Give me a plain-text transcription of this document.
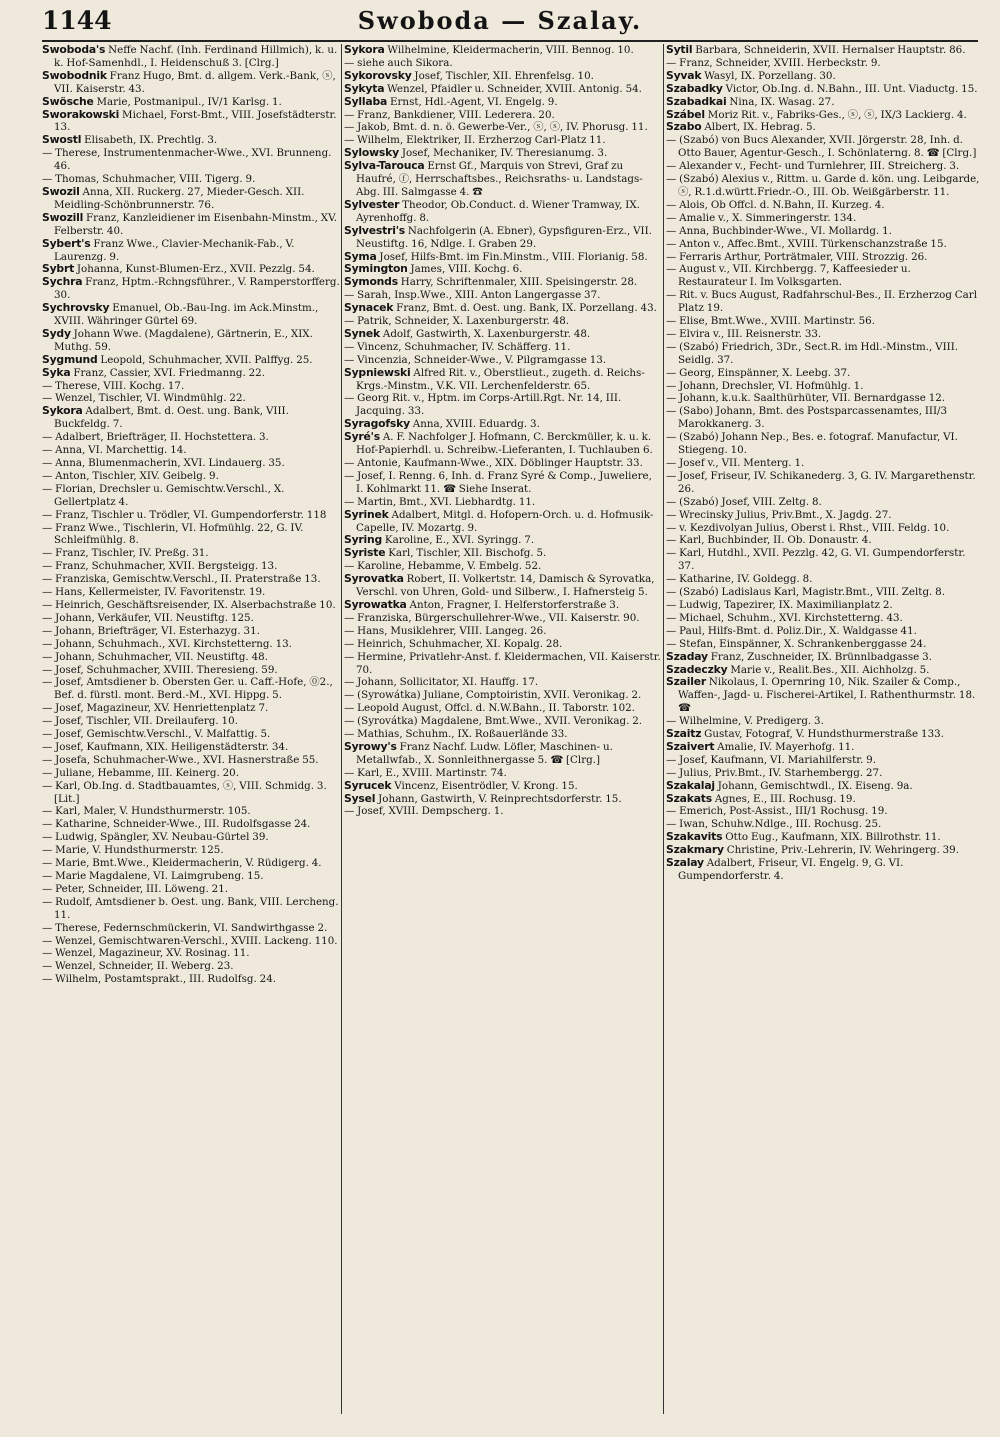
1144	Swoboda — Szalay.
Swoboda's Neffe Nachf. (Inh. Ferdinand Hillmich), k. u. k. Hof-Samenhdl., I. Heidenschuß 3. [Clrg.]
Swobodnik Franz Hugo, Bmt. d. allgem. Verk.-Bank, ⓢ, VII. Kaiserstr. 43.
Swösche Marie, Postmanipul., IV/1 Karlsg. 1.
Sworakowski Michael, Forst-Bmt., VIII. Josefstädterstr. 13.
Swostl Elisabeth, IX. Prechtlg. 3.
— Therese, Instrumentenmacher-Wwe., XVI. Brunneng. 46.
— Thomas, Schuhmacher, VIII. Tigerg. 9.
Swozil Anna, XII. Ruckerg. 27, Mieder-Gesch. XII. Meidling-Schönbrunnerstr. 76.
Swozill Franz, Kanzleidiener im Eisenbahn-Minstm., XV. Felberstr. 40.
Sybert's Franz Wwe., Clavier-Mechanik-Fab., V. Laurenzg. 9.
Sybrt Johanna, Kunst-Blumen-Erz., XVII. Pezzlg. 54.
Sychra Franz, Hptm.-Rchngsführer., V. Ramperstorfferg. 30.
Sychrovsky Emanuel, Ob.-Bau-Ing. im Ack.Minstm., XVIII. Währinger Gürtel 69.
Sydy Johann Wwe. (Magdalene), Gärtnerin, E., XIX. Muthg. 59.
Sygmund Leopold, Schuhmacher, XVII. Palffyg. 25.
Syka Franz, Cassier, XVI. Friedmanng. 22.
— Therese, VIII. Kochg. 17.
— Wenzel, Tischler, VI. Windmühlg. 22.
Sykora Adalbert, Bmt. d. Oest. ung. Bank, VIII. Buckfeldg. 7.
— Adalbert, Briefträger, II. Hochstettera. 3.
— Anna, VI. Marchettig. 14.
— Anna, Blumenmacherin, XVI. Lindauerg. 35.
— Anton, Tischler, XIV. Geibelg. 9.
— Florian, Drechsler u. Gemischtw.Verschl., X. Gellertplatz 4.
— Franz, Tischler u. Trödler, VI. Gumpendorferstr. 118
— Franz Wwe., Tischlerin, VI. Hofmühlg. 22, G. IV. Schleifmühlg. 8.
— Franz, Tischler, IV. Preßg. 31.
— Franz, Schuhmacher, XVII. Bergsteigg. 13.
— Franziska, Gemischtw.Verschl., II. Praterstraße 13.
— Hans, Kellermeister, IV. Favoritenstr. 19.
— Heinrich, Geschäftsreisender, IX. Alserbachstraße 10.
— Johann, Verkäufer, VII. Neustiftg. 125.
— Johann, Briefträger, VI. Esterhazyg. 31.
— Johann, Schuhmach., XVI. Kirchstetterng. 13.
— Johann, Schuhmacher, VII. Neustiftg. 48.
— Josef, Schuhmacher, XVIII. Theresieng. 59.
— Josef, Amtsdiener b. Obersten Ger. u. Caff.-Hofe, ⓪2., Bef. d. fürstl. mont. Berd.-M., XVI. Hippg. 5.
— Josef, Magazineur, XV. Henriettenplatz 7.
— Josef, Tischler, VII. Dreilauferg. 10.
— Josef, Gemischtw.Verschl., V. Malfattig. 5.
— Josef, Kaufmann, XIX. Heiligenstädterstr. 34.
— Josefa, Schuhmacher-Wwe., XVI. Hasnerstraße 55.
— Juliane, Hebamme, III. Keinerg. 20.
— Karl, Ob.Ing. d. Stadtbauamtes, ⓢ, VIII. Schmidg. 3. [Lit.]
— Karl, Maler, V. Hundsthurmerstr. 105.
— Katharine, Schneider-Wwe., III. Rudolfsgasse 24.
— Ludwig, Spängler, XV. Neubau-Gürtel 39.
— Marie, V. Hundsthurmerstr. 125.
— Marie, Bmt.Wwe., Kleidermacherin, V. Rüdigerg. 4.
— Marie Magdalene, VI. Laimgrubeng. 15.
— Peter, Schneider, III. Löweng. 21.
— Rudolf, Amtsdiener b. Oest. ung. Bank, VIII. Lercheng. 11.
— Therese, Federnschmückerin, VI. Sandwirthgasse 2.
— Wenzel, Gemischtwaren-Verschl., XVIII. Lackeng. 110.
— Wenzel, Magazineur, XV. Rosinag. 11.
— Wenzel, Schneider, II. Weberg. 23.
— Wilhelm, Postamtsprakt., III. Rudolfsg. 24.
Sykora Wilhelmine, Kleidermacherin, VIII. Bennog. 10.
— siehe auch Sikora.
Sykorovsky Josef, Tischler, XII. Ehrenfelsg. 10.
Sykyta Wenzel, Pfaidler u. Schneider, XVIII. Antonig. 54.
Syllaba Ernst, Hdl.-Agent, VI. Engelg. 9.
— Franz, Bankdiener, VIII. Lederera. 20.
— Jakob, Bmt. d. n. ö. Gewerbe-Ver., ⓢ, ⓢ, IV. Phorusg. 11.
— Wilhelm, Elektriker, II. Erzherzog Carl-Platz 11.
Sylowsky Josef, Mechaniker, IV. Theresianumg. 3.
Sylva-Tarouca Ernst Gf., Marquis von Strevi, Graf zu Haufré, ⓕ, Herrschaftsbes., Reichsraths- u. Landstags-Abg. III. Salmgasse 4. ☎
Sylvester Theodor, Ob.Conduct. d. Wiener Tramway, IX. Ayrenhoffg. 8.
Sylvestri's Nachfolgerin (A. Ebner), Gypsfiguren-Erz., VII. Neustiftg. 16, Ndlge. I. Graben 29.
Syma Josef, Hilfs-Bmt. im Fin.Minstm., VIII. Florianig. 58.
Symington James, VIII. Kochg. 6.
Symonds Harry, Schriftenmaler, XIII. Speisingerstr. 28.
— Sarah, Insp.Wwe., XIII. Anton Langergasse 37.
Synacek Franz, Bmt. d. Oest. ung. Bank, IX. Porzellang. 43.
— Patrik, Schneider, X. Laxenburgerstr. 48.
Synek Adolf, Gastwirth, X. Laxenburgerstr. 48.
— Vincenz, Schuhmacher, IV. Schäfferg. 11.
— Vincenzia, Schneider-Wwe., V. Pilgramgasse 13.
Sypniewski Alfred Rit. v., Oberstlieut., zugeth. d. Reichs-Krgs.-Minstm., V.K. VII. Lerchenfelderstr. 65.
— Georg Rit. v., Hptm. im Corps-Artill.Rgt. Nr. 14, III. Jacquing. 33.
Syragofsky Anna, XVIII. Eduardg. 3.
Syré's A. F. Nachfolger J. Hofmann, C. Berckmüller, k. u. k. Hof-Papierhdl. u. Schreibw.-Lieferanten, I. Tuchlauben 6.
— Antonie, Kaufmann-Wwe., XIX. Döblinger Hauptstr. 33.
— Josef, I. Renng. 6, Inh. d. Franz Syré & Comp., Juweliere, I. Kohlmarkt 11. ☎ Siehe Inserat.
— Martin, Bmt., XVI. Liebhardtg. 11.
Syrinek Adalbert, Mitgl. d. Hofopern-Orch. u. d. Hofmusik-Capelle, IV. Mozartg. 9.
Syring Karoline, E., XVI. Syringg. 7.
Syriste Karl, Tischler, XII. Bischofg. 5.
— Karoline, Hebamme, V. Embelg. 52.
Syrovatka Robert, II. Volkertstr. 14, Damisch & Syrovatka, Verschl. von Uhren, Gold- und Silberw., I. Hafnersteig 5.
Syrowatka Anton, Fragner, I. Helferstorferstraße 3.
— Franziska, Bürgerschullehrer-Wwe., VII. Kaiserstr. 90.
— Hans, Musiklehrer, VIII. Langeg. 26.
— Heinrich, Schuhmacher, XI. Kopalg. 28.
— Hermine, Privatlehr-Anst. f. Kleidermachen, VII. Kaiserstr. 70.
— Johann, Sollicitator, XI. Hauffg. 17.
— (Syrowátka) Juliane, Comptoiristin, XVII. Veronikag. 2.
— Leopold August, Offcl. d. N.W.Bahn., II. Taborstr. 102.
— (Syrovátka) Magdalene, Bmt.Wwe., XVII. Veronikag. 2.
— Mathias, Schuhm., IX. Roßauerlände 33.
Syrowy's Franz Nachf. Ludw. Löfler, Maschinen- u. Metallwfab., X. Sonnleithnergasse 5. ☎ [Clrg.]
— Karl, E., XVIII. Martinstr. 74.
Syrucek Vincenz, Eisentrödler, V. Krong. 15.
Sysel Johann, Gastwirth, V. Reinprechtsdorferstr. 15.
— Josef, XVIII. Dempscherg. 1.
Sytil Barbara, Schneiderin, XVII. Hernalser Hauptstr. 86.
— Franz, Schneider, XVIII. Herbeckstr. 9.
Syvak Wasyl, IX. Porzellang. 30.
Szabadky Victor, Ob.Ing. d. N.Bahn., III. Unt. Viaductg. 15.
Szabadkai Nina, IX. Wasag. 27.
Szábel Moriz Rit. v., Fabriks-Ges., ⓢ, ⓢ, IX/3 Lackierg. 4.
Szabo Albert, IX. Hebrag. 5.
— (Szabó) von Bucs Alexander, XVII. Jörgerstr. 28, Inh. d. Otto Bauer, Agentur-Gesch., I. Schönlaterng. 8. ☎ [Clrg.]
— Alexander v., Fecht- und Turnlehrer, III. Streicherg. 3.
— (Szabó) Alexius v., Rittm. u. Garde d. kön. ung. Leibgarde, ⓢ, R.1.d.württ.Friedr.-O., III. Ob. Weißgärberstr. 11.
— Alois, Ob Offcl. d. N.Bahn, II. Kurzeg. 4.
— Amalie v., X. Simmeringerstr. 134.
— Anna, Buchbinder-Wwe., VI. Mollardg. 1.
— Anton v., Affec.Bmt., XVIII. Türkenschanzstraße 15.
— Ferraris Arthur, Porträtmaler, VIII. Strozzig. 26.
— August v., VII. Kirchbergg. 7, Kaffeesieder u. Restaurateur I. Im Volksgarten.
— Rit. v. Bucs August, Radfahrschul-Bes., II. Erzherzog Carl Platz 19.
— Elise, Bmt.Wwe., XVIII. Martinstr. 56.
— Elvira v., III. Reisnerstr. 33.
— (Szabó) Friedrich, 3Dr., Sect.R. im Hdl.-Minstm., VIII. Seidlg. 37.
— Georg, Einspänner, X. Leebg. 37.
— Johann, Drechsler, VI. Hofmühlg. 1.
— Johann, k.u.k. Saalthürhüter, VII. Bernardgasse 12.
— (Sabo) Johann, Bmt. des Postsparcassenamtes, III/3 Marokkanerg. 3.
— (Szabó) Johann Nep., Bes. e. fotograf. Manufactur, VI. Stiegeng. 10.
— Josef v., VII. Menterg. 1.
— Josef, Friseur, IV. Schikanederg. 3, G. IV. Margarethenstr. 26.
— (Szabó) Josef, VIII. Zeltg. 8.
— Wrecinsky Julius, Priv.Bmt., X. Jagdg. 27.
— v. Kezdivolyan Julius, Oberst i. Rhst., VIII. Feldg. 10.
— Karl, Buchbinder, II. Ob. Donaustr. 4.
— Karl, Hutdhl., XVII. Pezzlg. 42, G. VI. Gumpendorferstr. 37.
— Katharine, IV. Goldegg. 8.
— (Szabó) Ladislaus Karl, Magistr.Bmt., VIII. Zeltg. 8.
— Ludwig, Tapezirer, IX. Maximilianplatz 2.
— Michael, Schuhm., XVI. Kirchstetterng. 43.
— Paul, Hilfs-Bmt. d. Poliz.Dir., X. Waldgasse 41.
— Stefan, Einspänner, X. Schrankenberggasse 24.
Szaday Franz, Zuschneider, IX. Brünnlbadgasse 3.
Szadeczky Marie v., Realit.Bes., XII. Aichholzg. 5.
Szailer Nikolaus, I. Opernring 10, Nik. Szailer & Comp., Waffen-, Jagd- u. Fischerei-Artikel, I. Rathenthurmstr. 18. ☎
— Wilhelmine, V. Predigerg. 3.
Szaitz Gustav, Fotograf, V. Hundsthurmerstraße 133.
Szaivert Amalie, IV. Mayerhofg. 11.
— Josef, Kaufmann, VI. Mariahilferstr. 9.
— Julius, Priv.Bmt., IV. Starhembergg. 27.
Szakalaj Johann, Gemischtwdl., IX. Eiseng. 9a.
Szakats Agnes, E., III. Rochusg. 19.
— Emerich, Post-Assist., III/1 Rochusg. 19.
— Iwan, Schuhw.Ndlge., III. Rochusg. 25.
Szakavits Otto Eug., Kaufmann, XIX. Billrothstr. 11.
Szakmary Christine, Priv.-Lehrerin, IV. Wehringerg. 39.
Szalay Adalbert, Friseur, VI. Engelg. 9, G. VI. Gumpendorferstr. 4.
